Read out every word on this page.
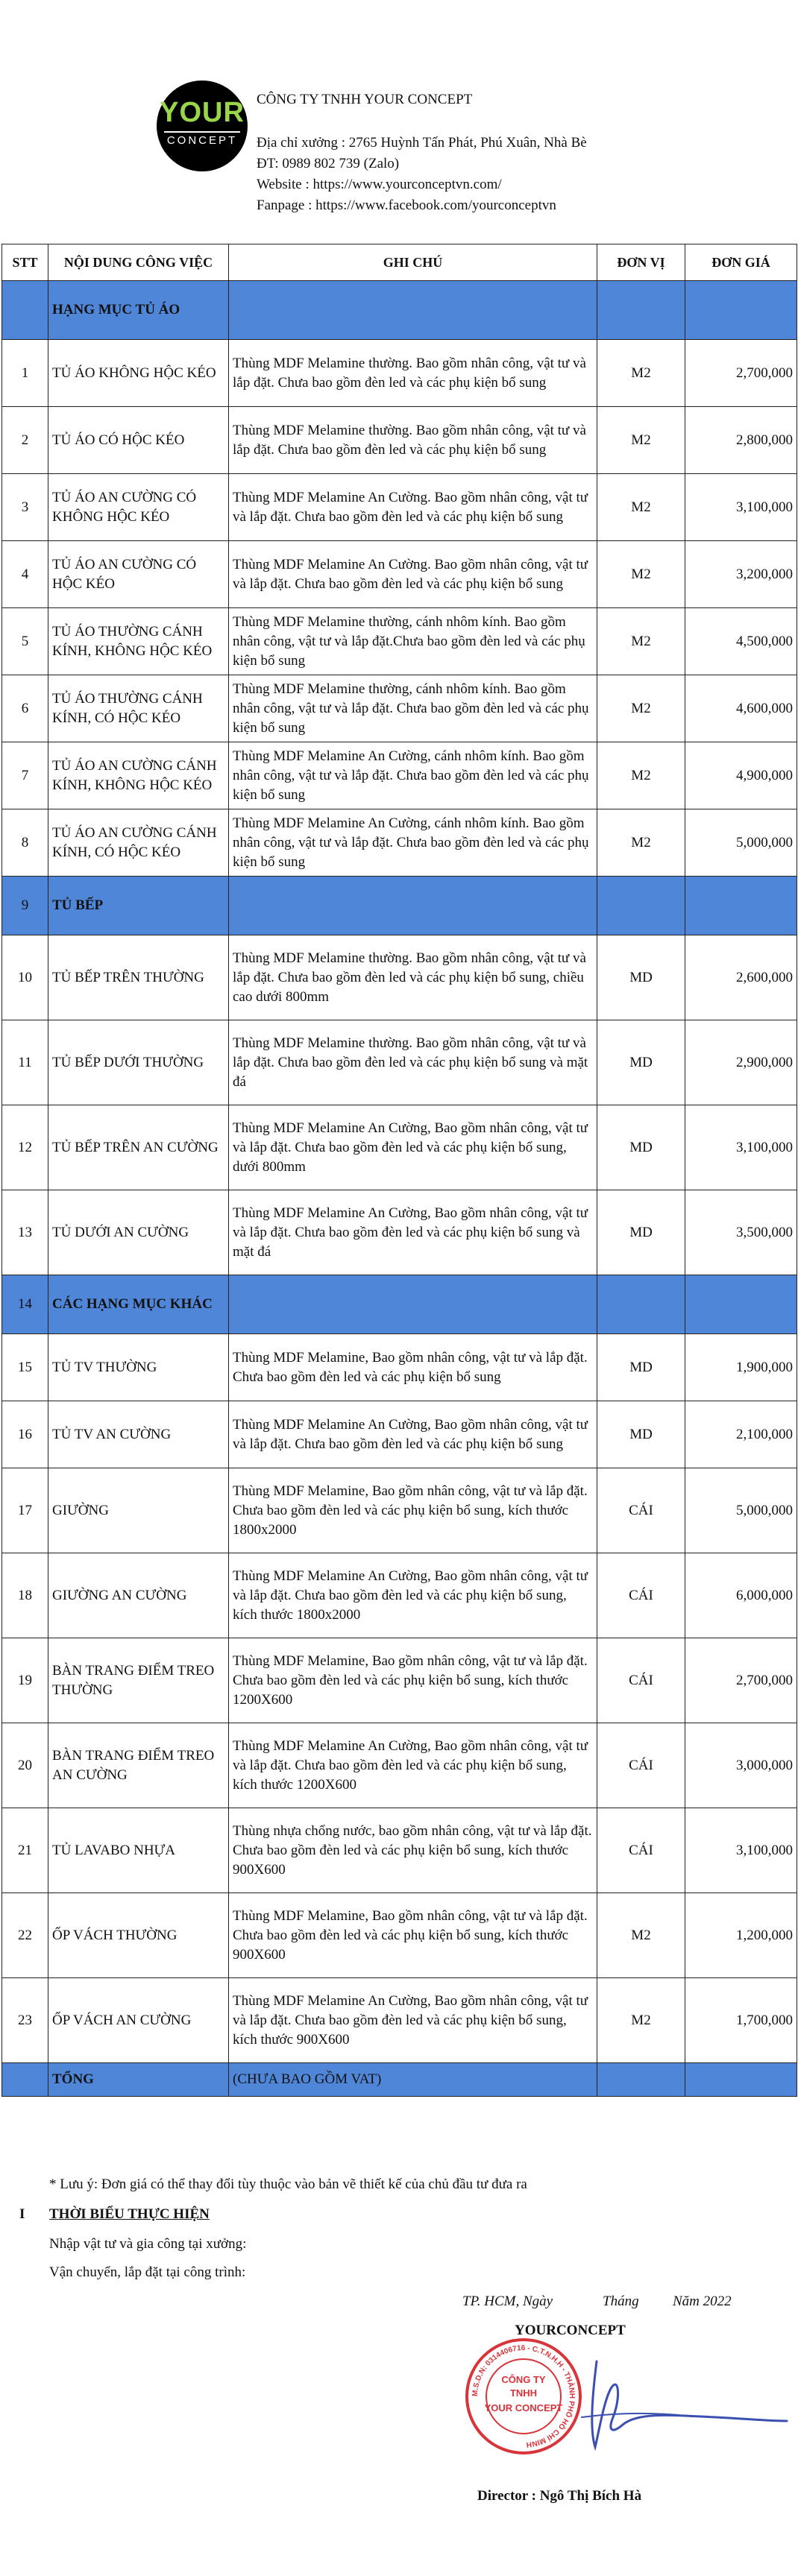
YOUR
CONCEPT
CÔNG TY TNHH YOUR CONCEPT
Địa chỉ xưởng : 2765 Huỳnh Tấn Phát, Phú Xuân, Nhà Bè
ĐT: 0989 802 739 (Zalo)
Website : https://www.yourconceptvn.com/
Fanpage : https://www.facebook.com/yourconceptvn
STT	NỘI DUNG CÔNG VIỆC	GHI CHÚ	ĐƠN VỊ	ĐƠN GIÁ
	HẠNG MỤC TỦ ÁO			
1	TỦ ÁO KHÔNG HỘC KÉO	Thùng MDF Melamine thường. Bao gồm nhân công, vật tư và lắp đặt. Chưa bao gồm đèn led và các phụ kiện bổ sung	M2	2,700,000
2	TỦ ÁO CÓ HỘC KÉO	Thùng MDF Melamine thường. Bao gồm nhân công, vật tư và lắp đặt. Chưa bao gồm đèn led và các phụ kiện bổ sung	M2	2,800,000
3	TỦ ÁO AN CƯỜNG CÓ KHÔNG HỘC KÉO	Thùng MDF Melamine An Cường. Bao gồm nhân công, vật tư và lắp đặt. Chưa bao gồm đèn led và các phụ kiện bổ sung	M2	3,100,000
4	TỦ ÁO AN CƯỜNG CÓ HỘC KÉO	Thùng MDF Melamine An Cường. Bao gồm nhân công, vật tư và lắp đặt. Chưa bao gồm đèn led và các phụ kiện bổ sung	M2	3,200,000
5	TỦ ÁO THƯỜNG CÁNH KÍNH, KHÔNG HỘC KÉO	Thùng MDF Melamine thường, cánh nhôm kính. Bao gồm nhân công, vật tư và lắp đặt.Chưa bao gồm đèn led và các phụ kiện bổ sung	M2	4,500,000
6	TỦ ÁO THƯỜNG CÁNH KÍNH, CÓ HỘC KÉO	Thùng MDF Melamine thường, cánh nhôm kính. Bao gồm nhân công, vật tư và lắp đặt. Chưa bao gồm đèn led và các phụ kiện bổ sung	M2	4,600,000
7	TỦ ÁO AN CƯỜNG CÁNH KÍNH, KHÔNG HỘC KÉO	Thùng MDF Melamine An Cường, cánh nhôm kính. Bao gồm nhân công, vật tư và lắp đặt. Chưa bao gồm đèn led và các phụ kiện bổ sung	M2	4,900,000
8	TỦ ÁO AN CƯỜNG CÁNH KÍNH, CÓ HỘC KÉO	Thùng MDF Melamine An Cường, cánh nhôm kính. Bao gồm nhân công, vật tư và lắp đặt. Chưa bao gồm đèn led và các phụ kiện bổ sung	M2	5,000,000
9	TỦ BẾP			
10	TỦ BẾP TRÊN THƯỜNG	Thùng MDF Melamine thường. Bao gồm nhân công, vật tư và lắp đặt. Chưa bao gồm đèn led và các phụ kiện bổ sung, chiều cao dưới 800mm	MD	2,600,000
11	TỦ BẾP DƯỚI THƯỜNG	Thùng MDF Melamine thường. Bao gồm nhân công, vật tư và lắp đặt. Chưa bao gồm đèn led và các phụ kiện bổ sung và mặt đá	MD	2,900,000
12	TỦ BẾP TRÊN AN CƯỜNG	Thùng MDF Melamine An Cường, Bao gồm nhân công, vật tư và lắp đặt. Chưa bao gồm đèn led và các phụ kiện bổ sung, dưới 800mm	MD	3,100,000
13	TỦ DƯỚI AN CƯỜNG	Thùng MDF Melamine An Cường, Bao gồm nhân công, vật tư và lắp đặt. Chưa bao gồm đèn led và các phụ kiện bổ sung và mặt đá	MD	3,500,000
14	CÁC HẠNG MỤC KHÁC			
15	TỦ TV THƯỜNG	Thùng MDF Melamine, Bao gồm nhân công, vật tư và lắp đặt. Chưa bao gồm đèn led và các phụ kiện bổ sung	MD	1,900,000
16	TỦ TV AN CƯỜNG	Thùng MDF Melamine An Cường, Bao gồm nhân công, vật tư và lắp đặt. Chưa bao gồm đèn led và các phụ kiện bổ sung	MD	2,100,000
17	GIƯỜNG	Thùng MDF Melamine, Bao gồm nhân công, vật tư và lắp đặt. Chưa bao gồm đèn led và các phụ kiện bổ sung, kích thước 1800x2000	CÁI	5,000,000
18	GIƯỜNG AN CƯỜNG	Thùng MDF Melamine An Cường, Bao gồm nhân công, vật tư và lắp đặt. Chưa bao gồm đèn led và các phụ kiện bổ sung, kích thước 1800x2000	CÁI	6,000,000
19	BÀN TRANG ĐIỂM TREO THƯỜNG	Thùng MDF Melamine, Bao gồm nhân công, vật tư và lắp đặt. Chưa bao gồm đèn led và các phụ kiện bổ sung, kích thước 1200X600	CÁI	2,700,000
20	BÀN TRANG ĐIỂM TREO AN CƯỜNG	Thùng MDF Melamine An Cường, Bao gồm nhân công, vật tư và lắp đặt. Chưa bao gồm đèn led và các phụ kiện bổ sung, kích thước 1200X600	CÁI	3,000,000
21	TỦ LAVABO NHỰA	Thùng nhựa chống nước, bao gồm nhân công, vật tư và lắp đặt. Chưa bao gồm đèn led và các phụ kiện bổ sung, kích thước 900X600	CÁI	3,100,000
22	ỐP VÁCH THƯỜNG	Thùng MDF Melamine, Bao gồm nhân công, vật tư và lắp đặt. Chưa bao gồm đèn led và các phụ kiện bổ sung, kích thước 900X600	M2	1,200,000
23	ỐP VÁCH AN CƯỜNG	Thùng MDF Melamine An Cường, Bao gồm nhân công, vật tư và lắp đặt. Chưa bao gồm đèn led và các phụ kiện bổ sung, kích thước 900X600	M2	1,700,000
	TỔNG	(CHƯA BAO GỒM VAT)		
* Lưu ý: Đơn giá có thể thay đổi tùy thuộc vào bản vẽ thiết kế của chủ đầu tư đưa ra
I THỜI BIỂU THỰC HIỆN
Nhập vật tư và gia công tại xưởng:
Vận chuyển, lắp đặt tại công trình:
TP. HCM, Ngày	Tháng Năm 2022
YOURCONCEPT
M.S.D.N: 0314406716 - C.T.N.H.H - THÀNH PHỐ HỒ CHÍ MINH
CÔNG TY
TNHH
YOUR CONCEPT
Director : Ngô Thị Bích Hà
